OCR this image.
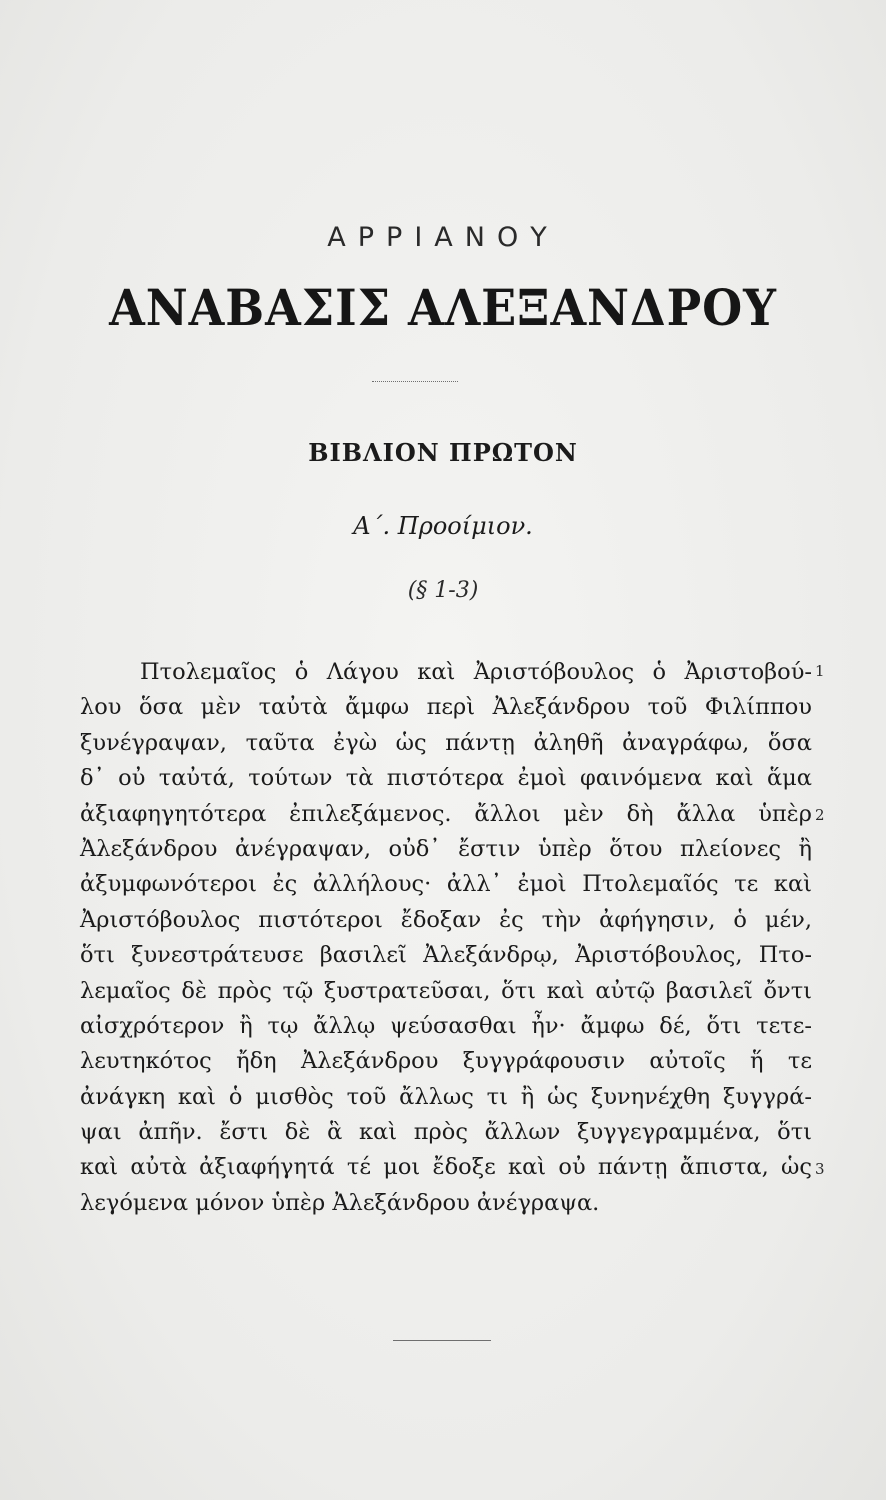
ΑΡΡΙΑΝΟΥ
ΑΝΑΒΑΣΙΣ ΑΛΕΞΑΝΔΡΟΥ
ΒΙΒΛΙΟΝ ΠΡΩΤΟΝ
Α΄. Προοίμιον.
(§ 1-3)
Πτολεμαῖος ὁ Λάγου καὶ Ἀριστόβουλος ὁ Ἀριστοβού-
λου ὅσα μὲν ταὐτὰ ἄμφω περὶ Ἀλεξάνδρου τοῦ Φιλίππου
ξυνέγραψαν, ταῦτα ἐγὼ ὡς πάντῃ ἀληθῆ ἀναγράφω, ὅσα
δ᾽ οὐ ταὐτά, τούτων τὰ πιστότερα ἐμοὶ φαινόμενα καὶ ἅμα
ἀξιαφηγητότερα ἐπιλεξάμενος. ἄλλοι μὲν δὴ ἄλλα ὑπὲρ
Ἀλεξάνδρου ἀνέγραψαν, οὐδ᾽ ἔστιν ὑπὲρ ὅτου πλείονες ἢ
ἀξυμφωνότεροι ἐς ἀλλήλους· ἀλλ᾽ ἐμοὶ Πτολεμαῖός τε καὶ
Ἀριστόβουλος πιστότεροι ἔδοξαν ἐς τὴν ἀφήγησιν, ὁ μέν,
ὅτι ξυνεστράτευσε βασιλεῖ Ἀλεξάνδρῳ, Ἀριστόβουλος, Πτο-
λεμαῖος δὲ πρὸς τῷ ξυστρατεῦσαι, ὅτι καὶ αὐτῷ βασιλεῖ ὄντι
αἰσχρότερον ἢ τῳ ἄλλῳ ψεύσασθαι ἦν· ἄμφω δέ, ὅτι τετε-
λευτηκότος ἤδη Ἀλεξάνδρου ξυγγράφουσιν αὐτοῖς ἥ τε
ἀνάγκη καὶ ὁ μισθὸς τοῦ ἄλλως τι ἢ ὡς ξυνηνέχθη ξυγγρά-
ψαι ἀπῆν. ἔστι δὲ ἃ καὶ πρὸς ἄλλων ξυγγεγραμμένα, ὅτι
καὶ αὐτὰ ἀξιαφήγητά τέ μοι ἔδοξε καὶ οὐ πάντῃ ἄπιστα, ὡς
λεγόμενα μόνον ὑπὲρ Ἀλεξάνδρου ἀνέγραψα.
1
2
3
